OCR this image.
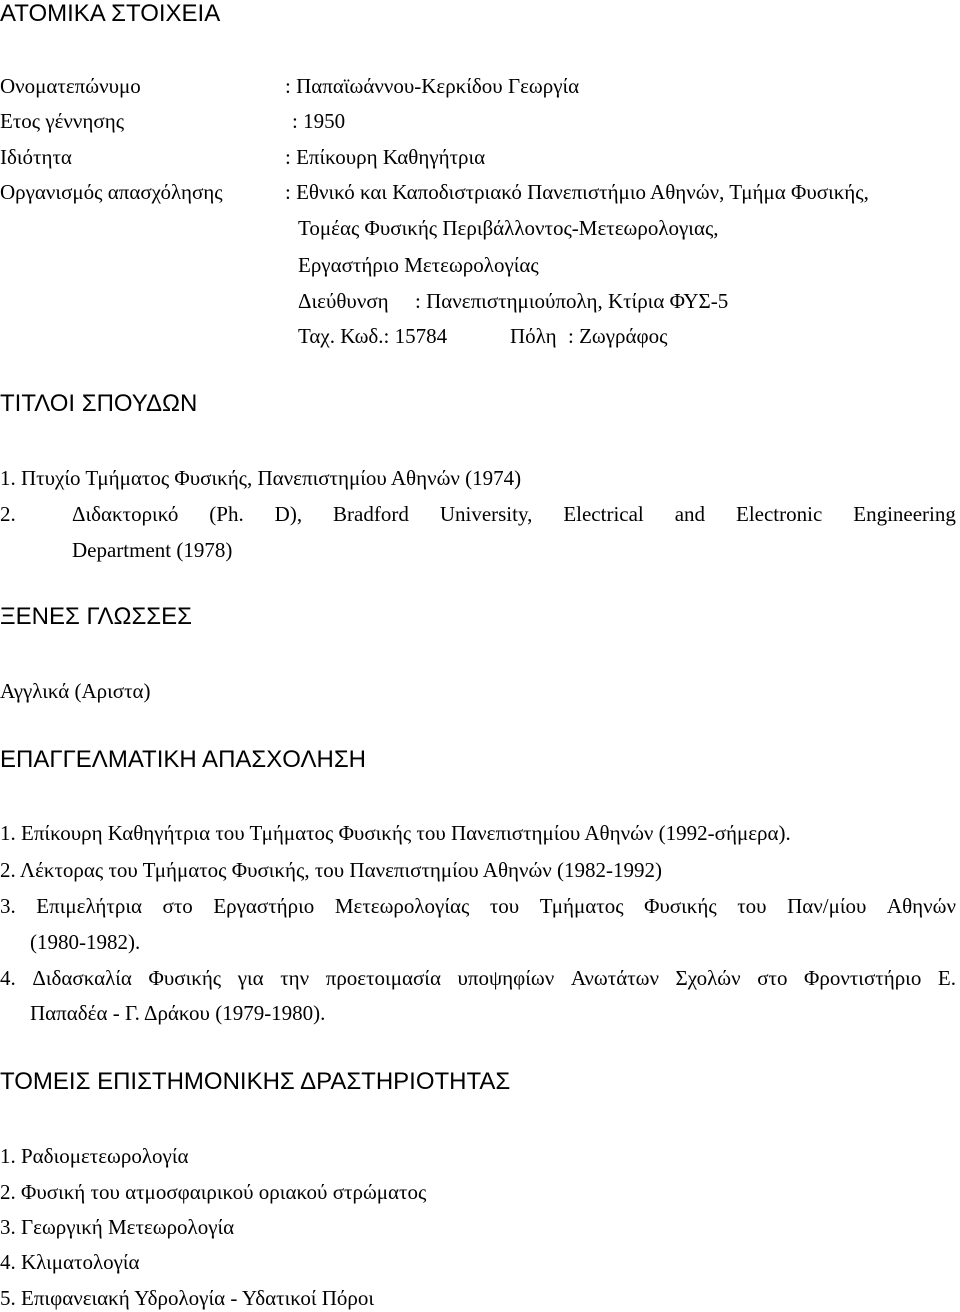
ΑΤΟΜΙΚΑ ΣΤΟΙΧΕΙΑ
Ονοματεπώνυμο	: Παπαϊωάννου-Κερκίδου Γεωργία
Ετος γέννησης	: 1950
Ιδιότητα	: Επίκουρη Καθηγήτρια
Οργανισμός απασχόλησης	: Εθνικό και Καποδιστριακό Πανεπιστήμιο Αθηνών, Τμήμα Φυσικής,
Τομέας Φυσικής Περιβάλλοντος-Μετεωρολογιας,
Εργαστήριο Μετεωρολογίας
Διεύθυνση : Πανεπιστημιούπολη, Κτίρια ΦΥΣ-5
Ταχ. Κωδ.: 15784	Πόλη : Ζωγράφος
ΤΙΤΛΟΙ ΣΠΟΥΔΩΝ
1. Πτυχίο Τμήματος Φυσικής, Πανεπιστημίου Αθηνών (1974)
2.	Διδακτορικό (Ph. D), Bradford University, Electrical and Electronic Engineering
Department (1978)
ΞΕΝΕΣ ΓΛΩΣΣΕΣ
Αγγλικά (Αριστα)
ΕΠΑΓΓΕΛΜΑΤΙΚΗ ΑΠΑΣΧΟΛΗΣΗ
1. Επίκουρη Καθηγήτρια του Τμήματος Φυσικής του Πανεπιστημίου Αθηνών (1992-σήμερα).
2. Λέκτορας του Τμήματος Φυσικής, του Πανεπιστημίου Αθηνών (1982-1992)
3. Επιμελήτρια στο Εργαστήριο Μετεωρολογίας του Τμήματος Φυσικής του Παν/μίου Αθηνών
(1980-1982).
4. Διδασκαλία Φυσικής για την προετοιμασία υποψηφίων Ανωτάτων Σχολών στο Φροντιστήριο Ε.
Παπαδέα - Γ. Δράκου (1979-1980).
ΤΟΜΕΙΣ ΕΠΙΣΤΗΜΟΝΙΚΗΣ ΔΡΑΣΤΗΡΙΟΤΗΤΑΣ
1. Ραδιομετεωρολογία
2. Φυσική του ατμοσφαιρικού οριακού στρώματος
3. Γεωργική Μετεωρολογία
4. Κλιματολογία
5. Επιφανειακή Υδρολογία - Υδατικοί Πόροι
